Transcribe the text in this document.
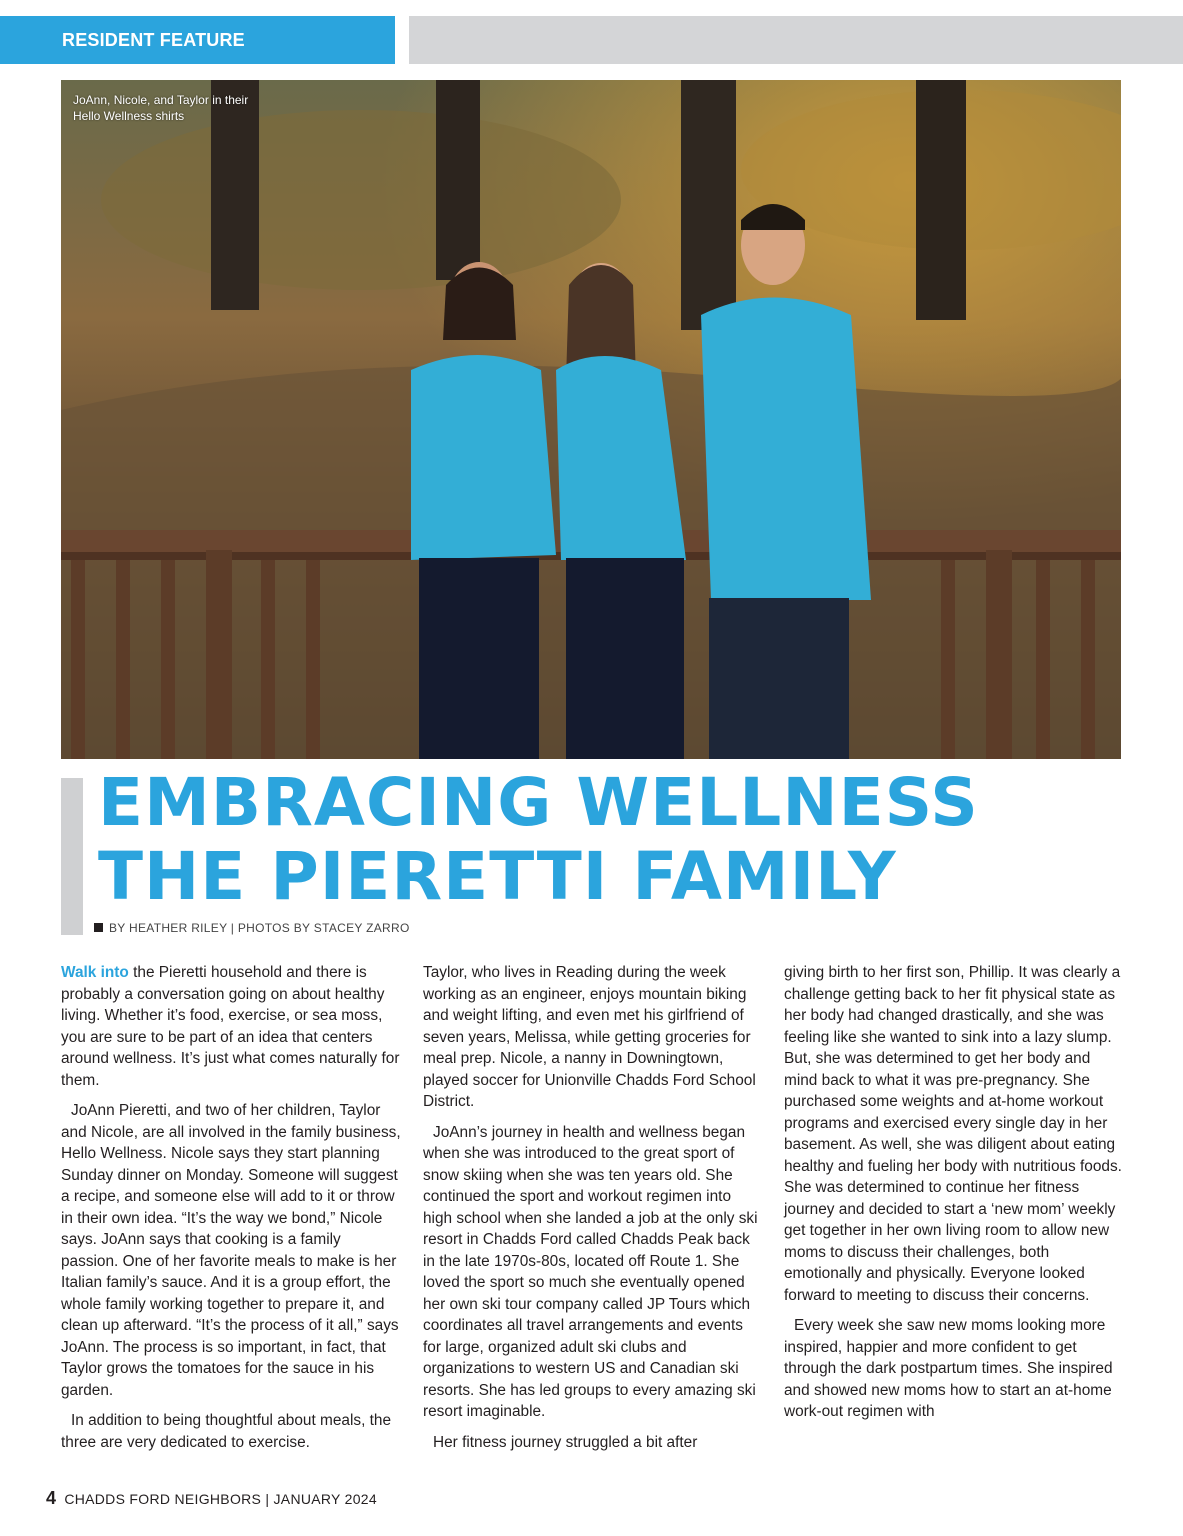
RESIDENT FEATURE
JoAnn, Nicole, and Taylor in their
Hello Wellness shirts
EMBRACING WELLNESS
THE PIERETTI FAMILY
BY HEATHER RILEY | PHOTOS BY STACEY ZARRO

Walk into the Pieretti household and there is probably a conversation going on about healthy living. Whether it’s food, exercise, or sea moss, you are sure to be part of an idea that centers around wellness. It’s just what comes naturally for them.

JoAnn Pieretti, and two of her children, Taylor and Nicole, are all involved in the family business, Hello Wellness. Nicole says they start planning Sunday dinner on Monday. Someone will suggest a recipe, and someone else will add to it or throw in their own idea. “It’s the way we bond,” Nicole says. JoAnn says that cooking is a family passion. One of her favorite meals to make is her Italian family’s sauce. And it is a group effort, the whole family working together to prepare it, and clean up afterward. “It’s the process of it all,” says JoAnn. The process is so important, in fact, that Taylor grows the tomatoes for the sauce in his garden.

In addition to being thoughtful about meals, the three are very dedicated to exercise.

Taylor, who lives in Reading during the week working as an engineer, enjoys mountain biking and weight lifting, and even met his girlfriend of seven years, Melissa, while getting groceries for meal prep. Nicole, a nanny in Downingtown, played soccer for Unionville Chadds Ford School District.

JoAnn’s journey in health and wellness began when she was introduced to the great sport of snow skiing when she was ten years old. She continued the sport and workout regimen into high school when she landed a job at the only ski resort in Chadds Ford called Chadds Peak back in the late 1970s-80s, located off Route 1. She loved the sport so much she eventually opened her own ski tour company called JP Tours which coordinates all travel arrangements and events for large, organized adult ski clubs and organizations to western US and Canadian ski resorts. She has led groups to every amazing ski resort imaginable.

Her fitness journey struggled a bit after

giving birth to her first son, Phillip. It was clearly a challenge getting back to her fit physical state as her body had changed drastically, and she was feeling like she wanted to sink into a lazy slump. But, she was determined to get her body and mind back to what it was pre-pregnancy. She purchased some weights and at-home workout programs and exercised every single day in her basement. As well, she was diligent about eating healthy and fueling her body with nutritious foods. She was determined to continue her fitness journey and decided to start a ‘new mom’ weekly get together in her own living room to allow new moms to discuss their challenges, both emotionally and physically. Everyone looked forward to meeting to discuss their concerns.

Every week she saw new moms looking more inspired, happier and more confident to get through the dark postpartum times. She inspired and showed new moms how to start an at-home work-out regimen with

4 CHADDS FORD NEIGHBORS | JANUARY 2024
